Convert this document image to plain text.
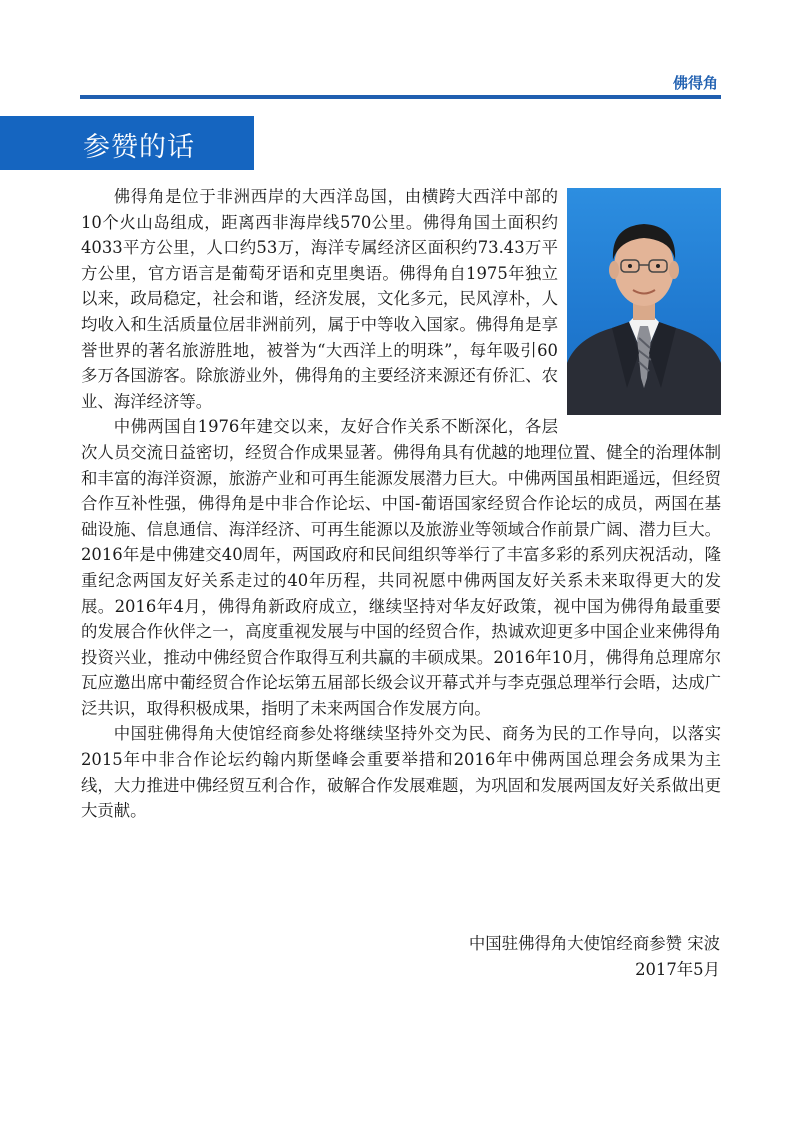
佛得角
参赞的话

佛得角是位于非洲西岸的大西洋岛国，由横跨大西洋中部的10个火山岛组成，距离西非海岸线570公里。佛得角国土面积约4033平方公里，人口约53万，海洋专属经济区面积约73.43万平方公里，官方语言是葡萄牙语和克里奥语。佛得角自1975年独立以来，政局稳定，社会和谐，经济发展，文化多元，民风淳朴，人均收入和生活质量位居非洲前列，属于中等收入国家。佛得角是享誉世界的著名旅游胜地，被誉为“大西洋上的明珠”，每年吸引60多万各国游客。除旅游业外，佛得角的主要经济来源还有侨汇、农业、海洋经济等。

中佛两国自1976年建交以来，友好合作关系不断深化，各层次人员交流日益密切，经贸合作成果显著。佛得角具有优越的地理位置、健全的治理体制和丰富的海洋资源，旅游产业和可再生能源发展潜力巨大。中佛两国虽相距遥远，但经贸合作互补性强，佛得角是中非合作论坛、中国-葡语国家经贸合作论坛的成员，两国在基础设施、信息通信、海洋经济、可再生能源以及旅游业等领域合作前景广阔、潜力巨大。2016年是中佛建交40周年，两国政府和民间组织等举行了丰富多彩的系列庆祝活动，隆重纪念两国友好关系走过的40年历程，共同祝愿中佛两国友好关系未来取得更大的发展。2016年4月，佛得角新政府成立，继续坚持对华友好政策，视中国为佛得角最重要的发展合作伙伴之一，高度重视发展与中国的经贸合作，热诚欢迎更多中国企业来佛得角投资兴业，推动中佛经贸合作取得互利共赢的丰硕成果。2016年10月，佛得角总理席尔瓦应邀出席中葡经贸合作论坛第五届部长级会议开幕式并与李克强总理举行会晤，达成广泛共识，取得积极成果，指明了未来两国合作发展方向。

中国驻佛得角大使馆经商参处将继续坚持外交为民、商务为民的工作导向，以落实2015年中非合作论坛约翰内斯堡峰会重要举措和2016年中佛两国总理会务成果为主线，大力推进中佛经贸互利合作，破解合作发展难题，为巩固和发展两国友好关系做出更大贡献。

中国驻佛得角大使馆经商参赞 宋波
2017年5月
